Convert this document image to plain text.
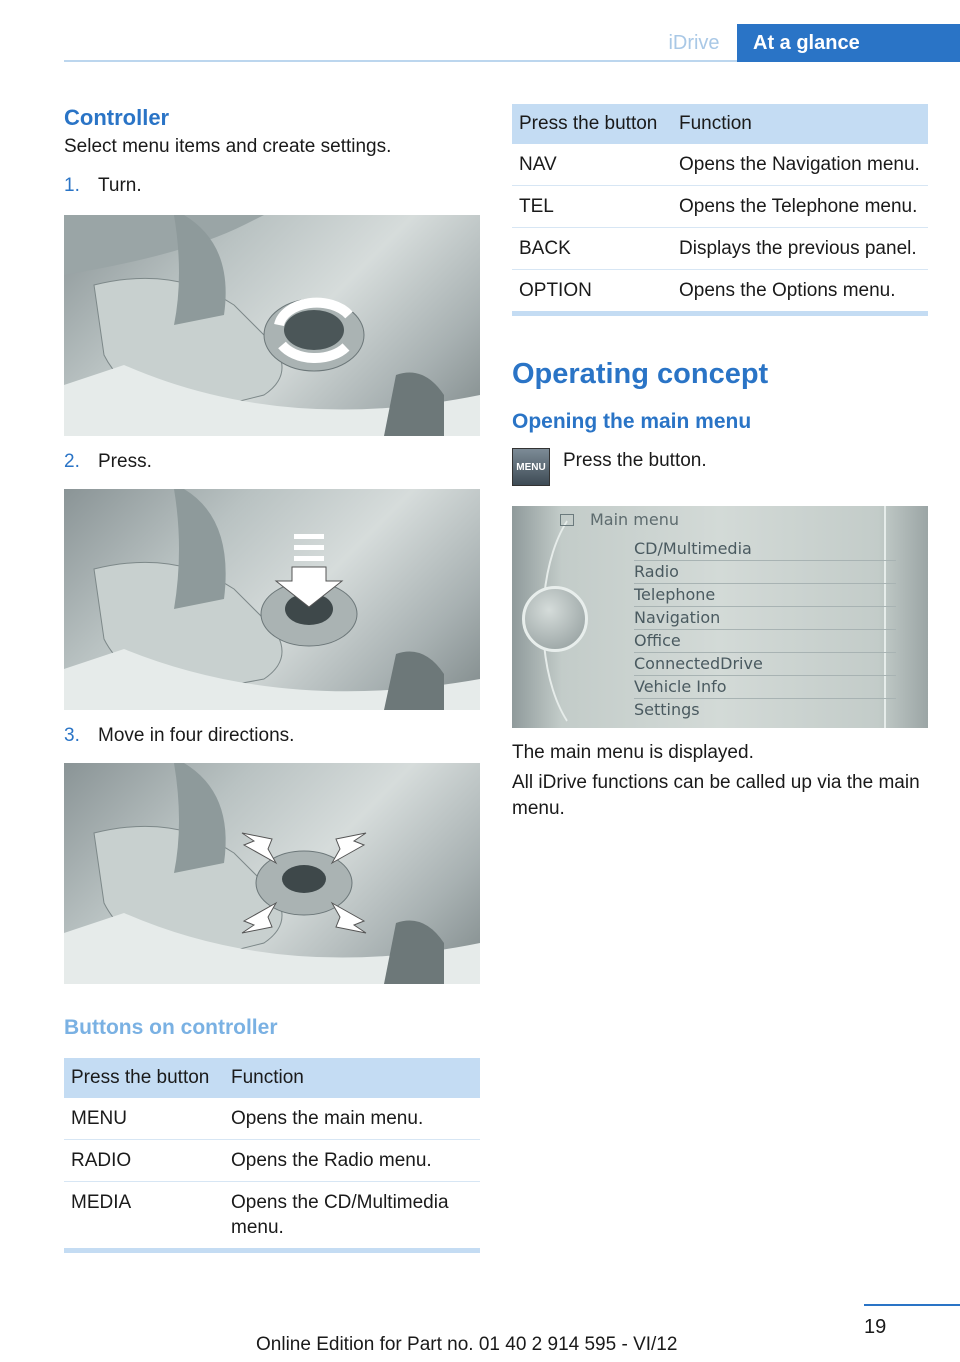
iDrive	At a glance
Controller
Select menu items and create settings.
1. Turn.
2. Press.
3. Move in four directions.
Buttons on controller
Press the button	Function
MENU	Opens the main menu.
RADIO	Opens the Radio menu.
MEDIA	Opens the CD/Multimedia menu.
Press the button	Function
NAV	Opens the Navigation menu.
TEL	Opens the Telephone menu.
BACK	Displays the previous panel.
OPTION	Opens the Options menu.
Operating concept
Opening the main menu
MENU Press the button.
Main menu
CD/Multimedia
Radio
Telephone
Navigation
Office
ConnectedDrive
Vehicle Info
Settings
The main menu is displayed.
All iDrive functions can be called up via the main menu.
19
Online Edition for Part no. 01 40 2 914 595 - VI/12
